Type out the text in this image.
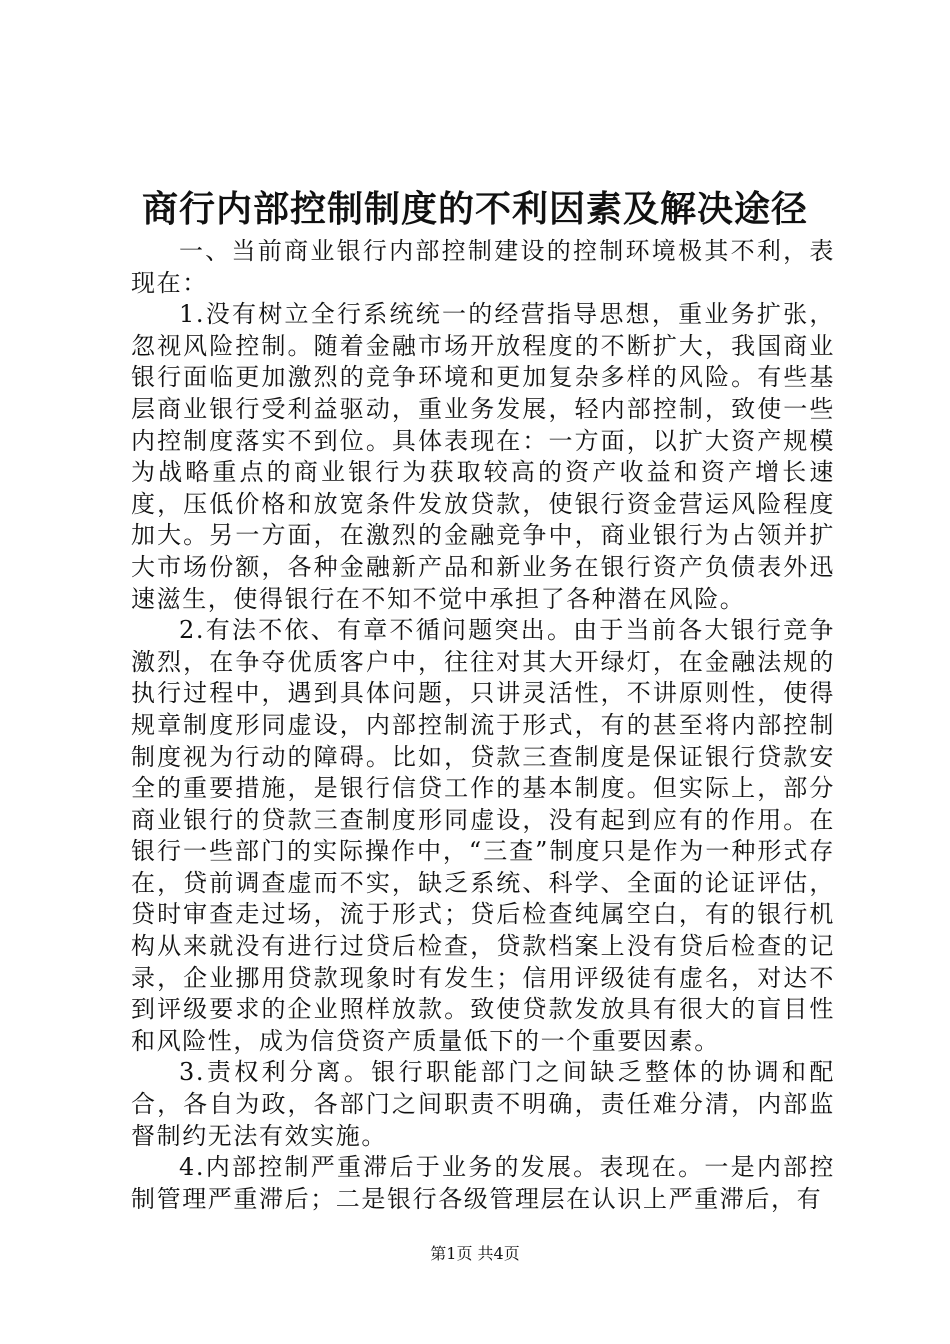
商行内部控制制度的不利因素及解决途径

一、当前商业银行内部控制建设的控制环境极其不利，表现在：

1.没有树立全行系统统一的经营指导思想，重业务扩张，忽视风险控制。随着金融市场开放程度的不断扩大，我国商业银行面临更加激烈的竞争环境和更加复杂多样的风险。有些基层商业银行受利益驱动，重业务发展，轻内部控制，致使一些内控制度落实不到位。具体表现在：一方面，以扩大资产规模为战略重点的商业银行为获取较高的资产收益和资产增长速度，压低价格和放宽条件发放贷款，使银行资金营运风险程度加大。另一方面，在激烈的金融竞争中，商业银行为占领并扩大市场份额，各种金融新产品和新业务在银行资产负债表外迅速滋生，使得银行在不知不觉中承担了各种潜在风险。

2.有法不依、有章不循问题突出。由于当前各大银行竞争激烈，在争夺优质客户中，往往对其大开绿灯，在金融法规的执行过程中，遇到具体问题，只讲灵活性，不讲原则性，使得规章制度形同虚设，内部控制流于形式，有的甚至将内部控制制度视为行动的障碍。比如，贷款三查制度是保证银行贷款安全的重要措施，是银行信贷工作的基本制度。但实际上，部分商业银行的贷款三查制度形同虚设，没有起到应有的作用。在银行一些部门的实际操作中，“三查”制度只是作为一种形式存在，贷前调查虚而不实，缺乏系统、科学、全面的论证评估，贷时审查走过场，流于形式；贷后检查纯属空白，有的银行机构从来就没有进行过贷后检查，贷款档案上没有贷后检查的记录，企业挪用贷款现象时有发生；信用评级徒有虚名，对达不到评级要求的企业照样放款。致使贷款发放具有很大的盲目性和风险性，成为信贷资产质量低下的一个重要因素。

3.责权利分离。银行职能部门之间缺乏整体的协调和配合，各自为政，各部门之间职责不明确，责任难分清，内部监督制约无法有效实施。

4.内部控制严重滞后于业务的发展。表现在。一是内部控制管理严重滞后；二是银行各级管理层在认识上严重滞后，有

第1页 共4页
